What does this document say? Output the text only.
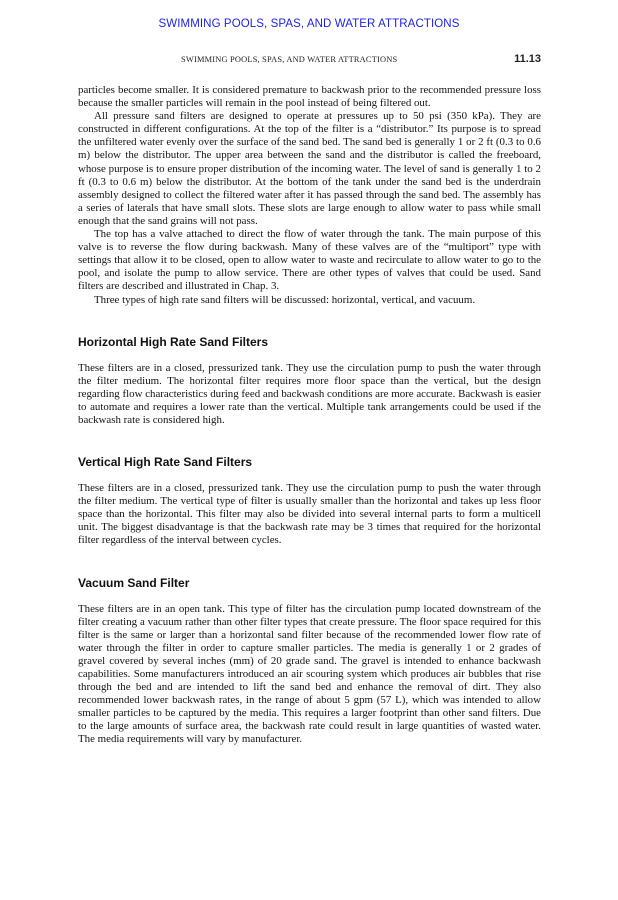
SWIMMING POOLS, SPAS, AND WATER ATTRACTIONS
SWIMMING POOLS, SPAS, AND WATER ATTRACTIONS	11.13

particles become smaller. It is considered premature to backwash prior to the recommended pressure loss because the smaller particles will remain in the pool instead of being filtered out.

All pressure sand filters are designed to operate at pressures up to 50 psi (350 kPa). They are constructed in different configurations. At the top of the filter is a “distributor.” Its purpose is to spread the unfiltered water evenly over the surface of the sand bed. The sand bed is generally 1 or 2 ft (0.3 to 0.6 m) below the distributor. The upper area between the sand and the distributor is called the freeboard, whose purpose is to ensure proper distribution of the incoming water. The level of sand is generally 1 to 2 ft (0.3 to 0.6 m) below the distributor. At the bottom of the tank under the sand bed is the underdrain assembly designed to collect the filtered water after it has passed through the sand bed. The assembly has a series of laterals that have small slots. These slots are large enough to allow water to pass while small enough that the sand grains will not pass.

The top has a valve attached to direct the flow of water through the tank. The main purpose of this valve is to reverse the flow during backwash. Many of these valves are of the “multiport” type with settings that allow it to be closed, open to allow water to waste and recirculate to allow water to go to the pool, and isolate the pump to allow service. There are other types of valves that could be used. Sand filters are described and illustrated in Chap. 3.

Three types of high rate sand filters will be discussed: horizontal, vertical, and vacuum.

Horizontal High Rate Sand Filters

These filters are in a closed, pressurized tank. They use the circulation pump to push the water through the filter medium. The horizontal filter requires more floor space than the vertical, but the design regarding flow characteristics during feed and backwash conditions are more accurate. Backwash is easier to automate and requires a lower rate than the vertical. Multiple tank arrangements could be used if the backwash rate is considered high.

Vertical High Rate Sand Filters

These filters are in a closed, pressurized tank. They use the circulation pump to push the water through the filter medium. The vertical type of filter is usually smaller than the horizontal and takes up less floor space than the horizontal. This filter may also be divided into several internal parts to form a multicell unit. The biggest disadvantage is that the backwash rate may be 3 times that required for the horizontal filter regardless of the interval between cycles.

Vacuum Sand Filter

These filters are in an open tank. This type of filter has the circulation pump located downstream of the filter creating a vacuum rather than other filter types that create pressure. The floor space required for this filter is the same or larger than a horizontal sand filter because of the recommended lower flow rate of water through the filter in order to capture smaller particles. The media is generally 1 or 2 grades of gravel covered by several inches (mm) of 20 grade sand. The gravel is intended to enhance backwash capabilities. Some manufacturers introduced an air scouring system which produces air bubbles that rise through the bed and are intended to lift the sand bed and enhance the removal of dirt. They also recommended lower backwash rates, in the range of about 5 gpm (57 L), which was intended to allow smaller particles to be captured by the media. This requires a larger footprint than other sand filters. Due to the large amounts of surface area, the backwash rate could result in large quantities of wasted water. The media requirements will vary by manufacturer.
